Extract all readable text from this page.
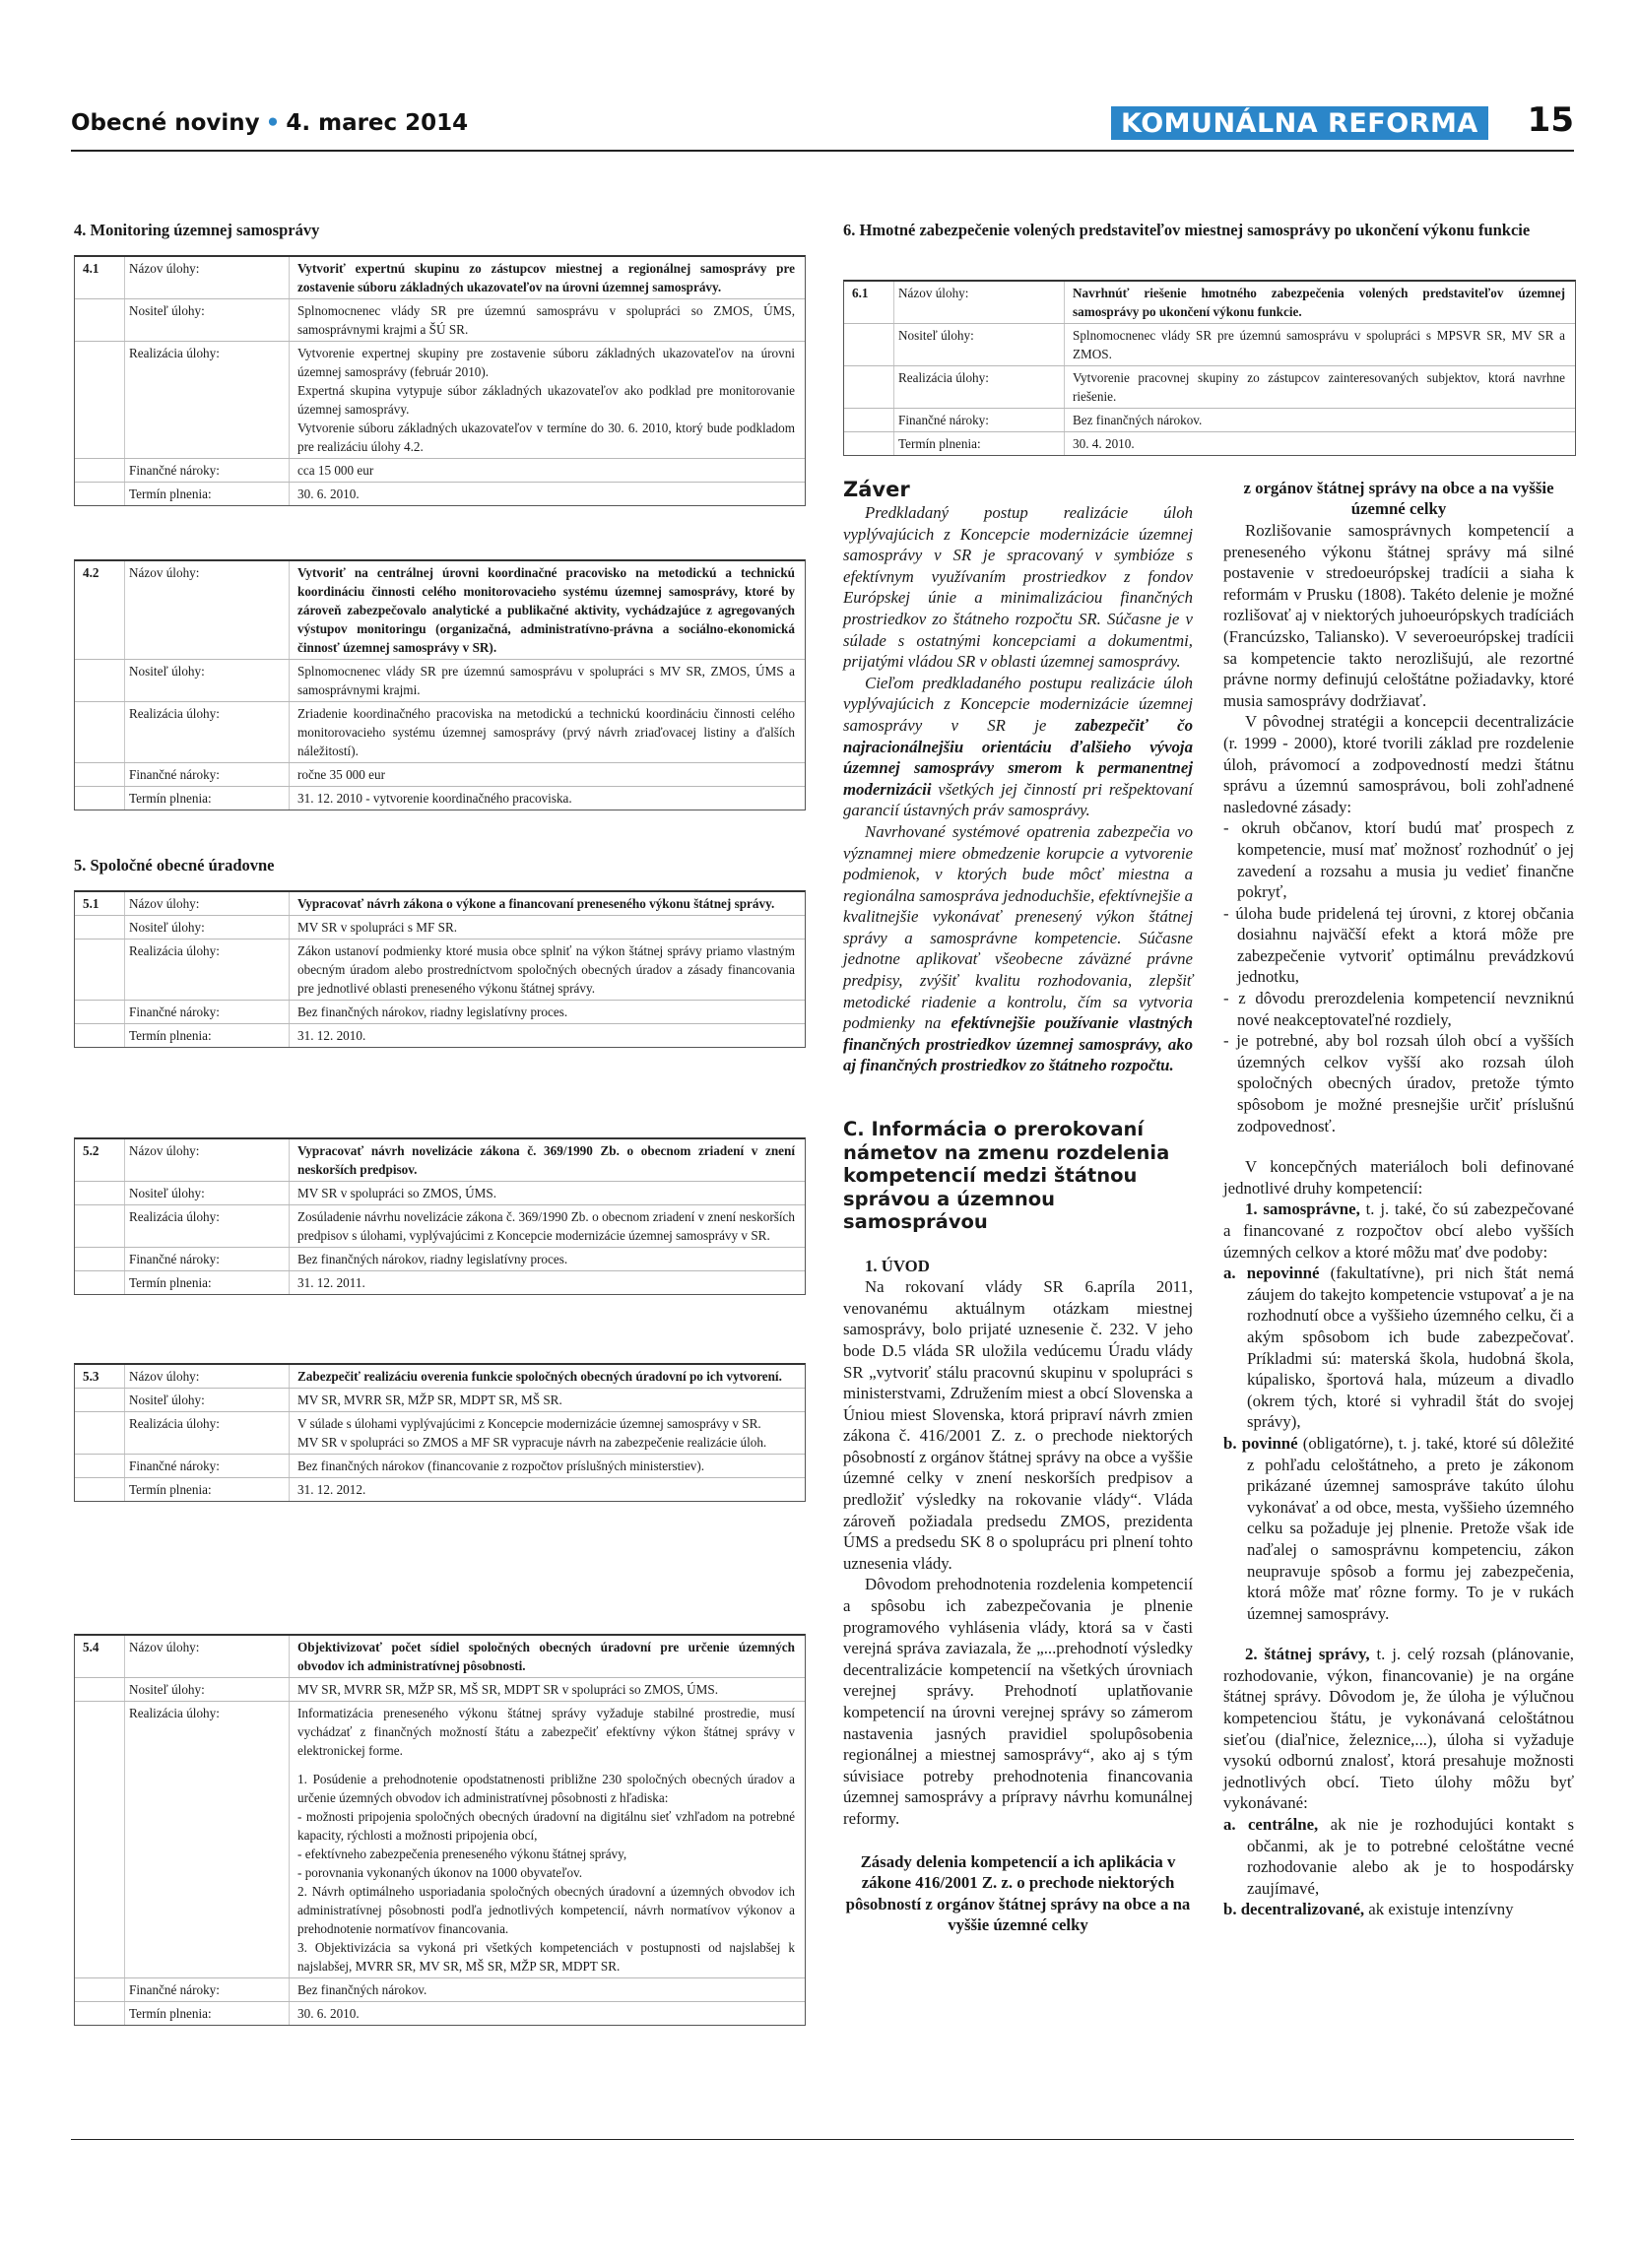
Obecné noviny • 4. marec 2014	KOMUNÁLNA REFORMA 15
4. Monitoring územnej samosprávy
4.1	Názov úlohy:	Vytvoriť expertnú skupinu zo zástupcov miestnej a regionálnej samosprávy pre zostavenie súboru základných ukazovateľov na úrovni územnej samosprávy.
Nositeľ úlohy:	Splnomocnenec vlády SR pre územnú samosprávu v spolupráci so ZMOS, ÚMS, samosprávnymi krajmi a ŠÚ SR.
Realizácia úlohy:	Vytvorenie expertnej skupiny pre zostavenie súboru základných ukazovateľov na úrovni územnej samosprávy (február 2010).
Expertná skupina vytypuje súbor základných ukazovateľov ako podklad pre monitorovanie územnej samosprávy.
Vytvorenie súboru základných ukazovateľov v termíne do 30. 6. 2010, ktorý bude podkladom pre realizáciu úlohy 4.2.
Finančné nároky:	cca 15 000 eur
Termín plnenia:	30. 6. 2010.
4.2	Názov úlohy:	Vytvoriť na centrálnej úrovni koordinačné pracovisko na metodickú a technickú koordináciu činnosti celého monitorovacieho systému územnej samosprávy, ktoré by zároveň zabezpečovalo analytické a publikačné aktivity, vychádzajúce z agregovaných výstupov monitoringu (organizačná, administratívno-právna a sociálno-ekonomická činnosť územnej samosprávy v SR).
Nositeľ úlohy:	Splnomocnenec vlády SR pre územnú samosprávu v spolupráci s MV SR, ZMOS, ÚMS a samosprávnymi krajmi.
Realizácia úlohy:	Zriadenie koordinačného pracoviska na metodickú a technickú koordináciu činnosti celého monitorovacieho systému územnej samosprávy (prvý návrh zriaďovacej listiny a ďalších náležitostí).
Finančné nároky:	ročne 35 000 eur
Termín plnenia:	31. 12. 2010 - vytvorenie koordinačného pracoviska.
5. Spoločné obecné úradovne
5.1	Názov úlohy:	Vypracovať návrh zákona o výkone a financovaní preneseného výkonu štátnej správy.
Nositeľ úlohy:	MV SR v spolupráci s MF SR.
Realizácia úlohy:	Zákon ustanoví podmienky ktoré musia obce splniť na výkon štátnej správy priamo vlastným obecným úradom alebo prostredníctvom spoločných obecných úradov a zásady financovania pre jednotlivé oblasti preneseného výkonu štátnej správy.
Finančné nároky:	Bez finančných nárokov, riadny legislatívny proces.
Termín plnenia:	31. 12. 2010.
5.2	Názov úlohy:	Vypracovať návrh novelizácie zákona č. 369/1990 Zb. o obecnom zriadení v znení neskorších predpisov.
Nositeľ úlohy:	MV SR v spolupráci so ZMOS, ÚMS.
Realizácia úlohy:	Zosúladenie návrhu novelizácie zákona č. 369/1990 Zb. o obecnom zriadení v znení neskorších predpisov s úlohami, vyplývajúcimi z Koncepcie modernizácie územnej samosprávy v SR.
Finančné nároky:	Bez finančných nárokov, riadny legislatívny proces.
Termín plnenia:	31. 12. 2011.
5.3	Názov úlohy:	Zabezpečiť realizáciu overenia funkcie spoločných obecných úradovní po ich vytvorení.
Nositeľ úlohy:	MV SR, MVRR SR, MŽP SR, MDPT SR, MŠ SR.
Realizácia úlohy:	V súlade s úlohami vyplývajúcimi z Koncepcie modernizácie územnej samosprávy v SR.
MV SR v spolupráci so ZMOS a MF SR vypracuje návrh na zabezpečenie realizácie úloh.
Finančné nároky:	Bez finančných nárokov (financovanie z rozpočtov príslušných ministerstiev).
Termín plnenia:	31. 12. 2012.
5.4	Názov úlohy:	Objektivizovať počet sídiel spoločných obecných úradovní pre určenie územných obvodov ich administratívnej pôsobnosti.
Nositeľ úlohy:	MV SR, MVRR SR, MŽP SR, MŠ SR, MDPT SR v spolupráci so ZMOS, ÚMS.
Realizácia úlohy:	Informatizácia preneseného výkonu štátnej správy vyžaduje stabilné prostredie, musí vychádzať z finančných možností štátu a zabezpečiť efektívny výkon štátnej správy v elektronickej forme.
1. Posúdenie a prehodnotenie opodstatnenosti približne 230 spoločných obecných úradov a určenie územných obvodov ich administratívnej pôsobnosti z hľadiska:
- možnosti pripojenia spoločných obecných úradovní na digitálnu sieť vzhľadom na potrebné kapacity, rýchlosti a možnosti pripojenia obcí,
- efektívneho zabezpečenia preneseného výkonu štátnej správy,
- porovnania vykonaných úkonov na 1000 obyvateľov.
2. Návrh optimálneho usporiadania spoločných obecných úradovní a územných obvodov ich administratívnej pôsobnosti podľa jednotlivých kompetencií, návrh normatívov výkonov a prehodnotenie normatívov financovania.
3. Objektivizácia sa vykoná pri všetkých kompetenciách v postupnosti od najslabšej k najslabšej, MVRR SR, MV SR, MŠ SR, MŽP SR, MDPT SR.
Finančné nároky:	Bez finančných nárokov.
Termín plnenia:	30. 6. 2010.
6. Hmotné zabezpečenie volených predstaviteľov miestnej samosprávy po ukončení výkonu funkcie
6.1	Názov úlohy:	Navrhnúť riešenie hmotného zabezpečenia volených predstaviteľov územnej samosprávy po ukončení výkonu funkcie.
Nositeľ úlohy:	Splnomocnenec vlády SR pre územnú samosprávu v spolupráci s MPSVR SR, MV SR a ZMOS.
Realizácia úlohy:	Vytvorenie pracovnej skupiny zo zástupcov zainteresovaných subjektov, ktorá navrhne riešenie.
Finančné nároky:	Bez finančných nárokov.
Termín plnenia:	30. 4. 2010.
Záver

Predkladaný postup realizácie úloh vyplývajúcich z Koncepcie modernizácie územnej samosprávy v SR je spracovaný v symbióze s efektívnym využívaním prostriedkov z fondov Európskej únie a minimalizáciou finančných prostriedkov zo štátneho rozpočtu SR. Súčasne je v súlade s ostatnými koncepciami a dokumentmi, prijatými vládou SR v oblasti územnej samosprávy.

Cieľom predkladaného postupu realizácie úloh vyplývajúcich z Koncepcie modernizácie územnej samosprávy v SR je zabezpečiť čo najracionálnejšiu orientáciu ďalšieho vývoja územnej samosprávy smerom k permanentnej modernizácii všetkých jej činností pri rešpektovaní garancií ústavných práv samosprávy.

Navrhované systémové opatrenia zabezpečia vo významnej miere obmedzenie korupcie a vytvorenie podmienok, v ktorých bude môcť miestna a regionálna samospráva jednoduchšie, efektívnejšie a kvalitnejšie vykonávať prenesený výkon štátnej správy a samosprávne kompetencie. Súčasne jednotne aplikovať všeobecne záväzné právne predpisy, zvýšiť kvalitu rozhodovania, zlepšiť metodické riadenie a kontrolu, čím sa vytvoria podmienky na efektívnejšie používanie vlastných finančných prostriedkov územnej samosprávy, ako aj finančných prostriedkov zo štátneho rozpočtu.

C. Informácia o prerokovaní námetov na zmenu rozdelenia kompetencií medzi štátnou správou a územnou samosprávou

1. ÚVOD

Na rokovaní vlády SR 6.apríla 2011, venovanému aktuálnym otázkam miestnej samosprávy, bolo prijaté uznesenie č. 232. V jeho bode D.5 vláda SR uložila vedúcemu Úradu vlády SR „vytvoriť stálu pracovnú skupinu v spolupráci s ministerstvami, Združením miest a obcí Slovenska a Úniou miest Slovenska, ktorá pripraví návrh zmien zákona č. 416/2001 Z. z. o prechode niektorých pôsobností z orgánov štátnej správy na obce a vyššie územné celky v znení neskorších predpisov a predložiť výsledky na rokovanie vlády“. Vláda zároveň požiadala predsedu ZMOS, prezidenta ÚMS a predsedu SK 8 o spoluprácu pri plnení tohto uznesenia vlády.

Dôvodom prehodnotenia rozdelenia kompetencií a spôsobu ich zabezpečovania je plnenie programového vyhlásenia vlády, ktorá sa v časti verejná správa zaviazala, že „...prehodnotí výsledky decentralizácie kompetencií na všetkých úrovniach verejnej správy. Prehodnotí uplatňovanie kompetencií na úrovni verejnej správy so zámerom nastavenia jasných pravidiel spolupôsobenia regionálnej a miestnej samosprávy“, ako aj s tým súvisiace potreby prehodnotenia financovania územnej samosprávy a prípravy návrhu komunálnej reformy.

Zásady delenia kompetencií a ich aplikácia v zákone 416/2001 Z. z. o prechode niektorých pôsobností z orgánov štátnej správy na obce a na vyššie územné celky

z orgánov štátnej správy na obce a na vyššie územné celky

Rozlišovanie samosprávnych kompetencií a preneseného výkonu štátnej správy má silné postavenie v stredoeurópskej tradícii a siaha k reformám v Prusku (1808). Takéto delenie je možné rozlišovať aj v niektorých juhoeurópskych tradíciách (Francúzsko, Taliansko). V severoeurópskej tradícii sa kompetencie takto nerozlišujú, ale rezortné právne normy definujú celoštátne požiadavky, ktoré musia samosprávy dodržiavať.

V pôvodnej stratégii a koncepcii decentralizácie (r. 1999 - 2000), ktoré tvorili základ pre rozdelenie úloh, právomocí a zodpovedností medzi štátnu správu a územnú samosprávou, boli zohľadnené nasledovné zásady:

- okruh občanov, ktorí budú mať prospech z kompetencie, musí mať možnosť rozhodnúť o jej zavedení a rozsahu a musia ju vedieť finančne pokryť,

- úloha bude pridelená tej úrovni, z ktorej občania dosiahnu najväčší efekt a ktorá môže pre zabezpečenie vytvoriť optimálnu prevádzkovú jednotku,

- z dôvodu prerozdelenia kompetencií nevzniknú nové neakceptovateľné rozdiely,

- je potrebné, aby bol rozsah úloh obcí a vyšších územných celkov vyšší ako rozsah úloh spoločných obecných úradov, pretože týmto spôsobom je možné presnejšie určiť príslušnú zodpovednosť.

V koncepčných materiáloch boli definované jednotlivé druhy kompetencií:

1. samosprávne, t. j. také, čo sú zabezpečované a financované z rozpočtov obcí alebo vyšších územných celkov a ktoré môžu mať dve podoby:

a. nepovinné (fakultatívne), pri nich štát nemá záujem do takejto kompetencie vstupovať a je na rozhodnutí obce a vyššieho územného celku, či a akým spôsobom ich bude zabezpečovať. Príkladmi sú: materská škola, hudobná škola, kúpalisko, športová hala, múzeum a divadlo (okrem tých, ktoré si vyhradil štát do svojej správy),

b. povinné (obligatórne), t. j. také, ktoré sú dôležité z pohľadu celoštátneho, a preto je zákonom prikázané územnej samospráve takúto úlohu vykonávať a od obce, mesta, vyššieho územného celku sa požaduje jej plnenie. Pretože však ide naďalej o samosprávnu kompetenciu, zákon neupravuje spôsob a formu jej zabezpečenia, ktorá môže mať rôzne formy. To je v rukách územnej samosprávy.

2. štátnej správy, t. j. celý rozsah (plánovanie, rozhodovanie, výkon, financovanie) je na orgáne štátnej správy. Dôvodom je, že úloha je výlučnou kompetenciou štátu, je vykonávaná celoštátnou sieťou (diaľnice, železnice,...), úloha si vyžaduje vysokú odbornú znalosť, ktorá presahuje možnosti jednotlivých obcí. Tieto úlohy môžu byť vykonávané:

a. centrálne, ak nie je rozhodujúci kontakt s občanmi, ak je to potrebné celoštátne vecné rozhodovanie alebo ak je to hospodársky zaujímavé,

b. decentralizované, ak existuje intenzívny
